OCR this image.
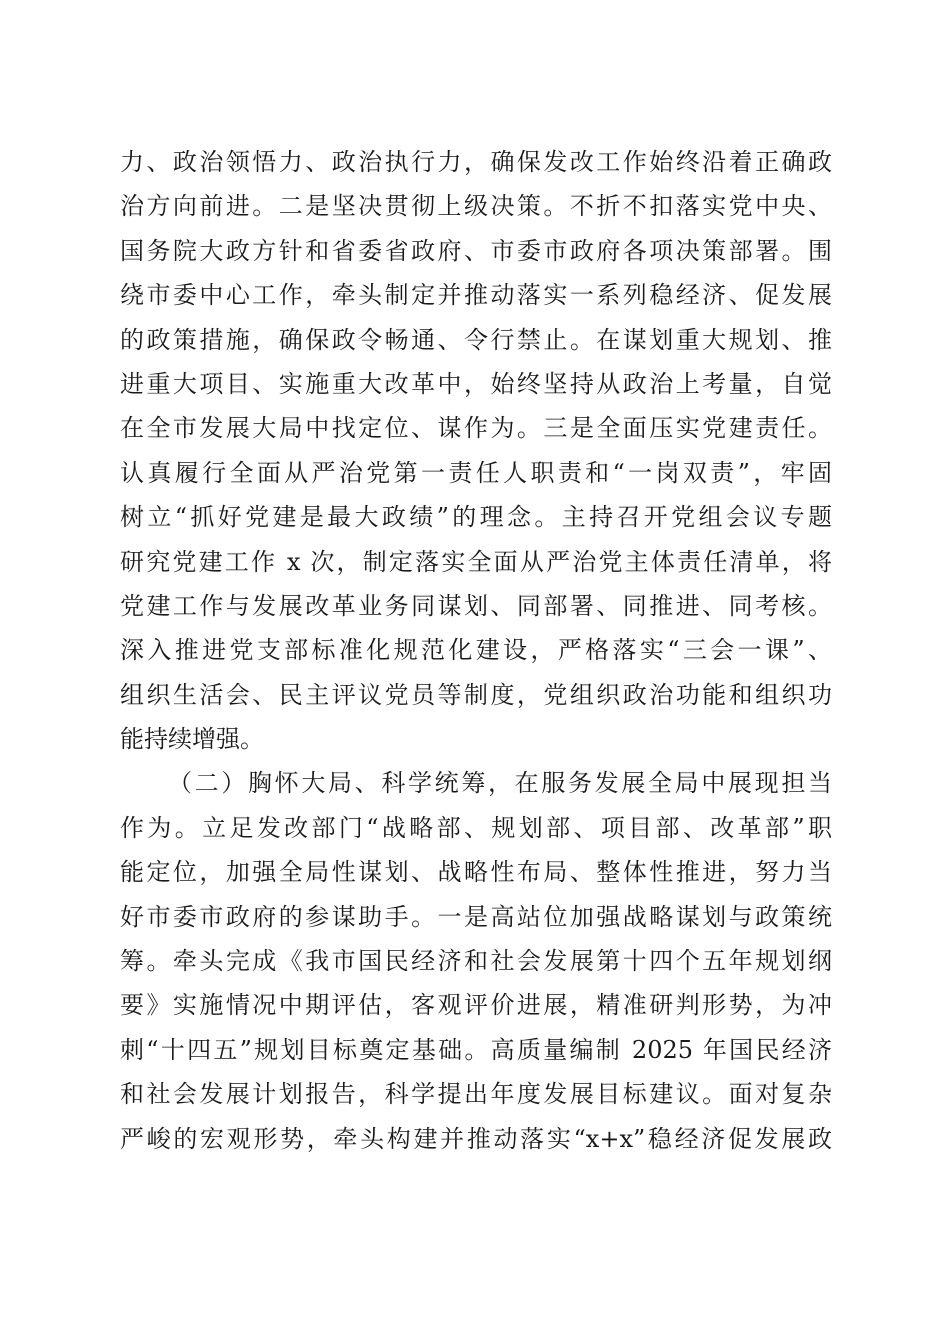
力、政治领悟力、政治执行力，确保发改工作始终沿着正确政
治方向前进。二是坚决贯彻上级决策。不折不扣落实党中央、
国务院大政方针和省委省政府、市委市政府各项决策部署。围
绕市委中心工作，牵头制定并推动落实一系列稳经济、促发展
的政策措施，确保政令畅通、令行禁止。在谋划重大规划、推
进重大项目、实施重大改革中，始终坚持从政治上考量，自觉
在全市发展大局中找定位、谋作为。三是全面压实党建责任。
认真履行全面从严治党第一责任人职责和“一岗双责”，牢固
树立“抓好党建是最大政绩”的理念。主持召开党组会议专题
研究党建工作 x 次，制定落实全面从严治党主体责任清单，将
党建工作与发展改革业务同谋划、同部署、同推进、同考核。
深入推进党支部标准化规范化建设，严格落实“三会一课”、
组织生活会、民主评议党员等制度，党组织政治功能和组织功
能持续增强。
（二）胸怀大局、科学统筹，在服务发展全局中展现担当
作为。立足发改部门“战略部、规划部、项目部、改革部”职
能定位，加强全局性谋划、战略性布局、整体性推进，努力当
好市委市政府的参谋助手。一是高站位加强战略谋划与政策统
筹。牵头完成《我市国民经济和社会发展第十四个五年规划纲
要》实施情况中期评估，客观评价进展，精准研判形势，为冲
刺“十四五”规划目标奠定基础。高质量编制 2025 年国民经济
和社会发展计划报告，科学提出年度发展目标建议。面对复杂
严峻的宏观形势，牵头构建并推动落实“x+x”稳经济促发展政
